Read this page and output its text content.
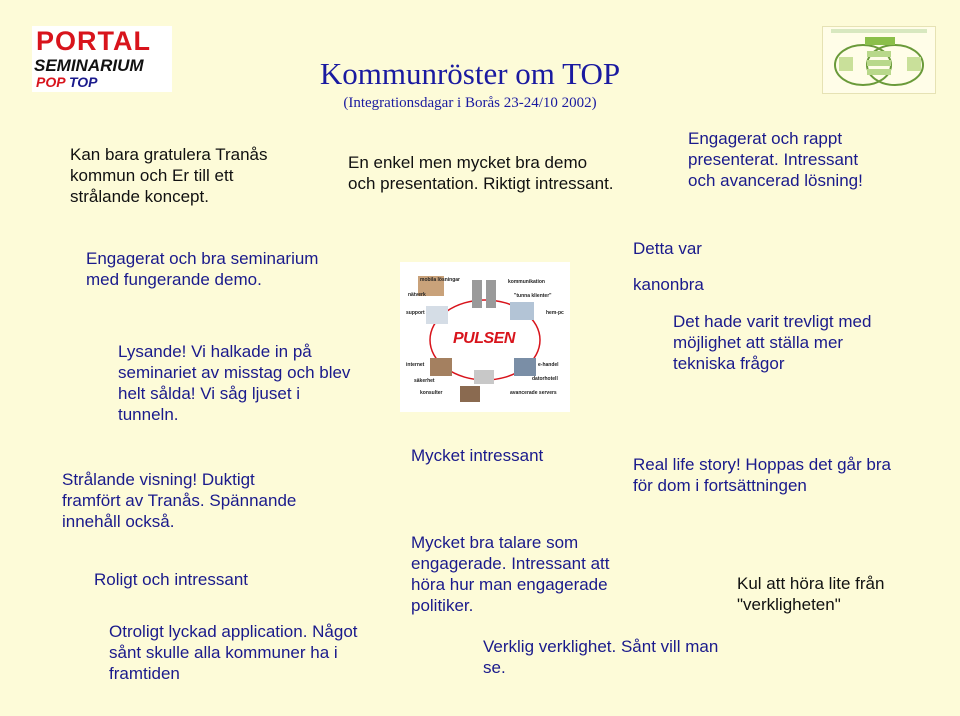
PORTAL
SEMINARIUM
POP TOP	Kommunröster om TOP
(Integrationsdagar i Borås 23-24/10 2002)
mobila lösningar	kommunikation
nätverk	"tunna klienter"
support	hem-pc
internet	e-handel
säkerhet	datorhotell
konsulter	avancerade servers
PULSEN
Kan bara gratulera Tranås
kommun och Er till ett
strålande koncept.
En enkel men mycket bra demo
och presentation. Riktigt intressant.
Engagerat och rappt
presenterat. Intressant
och avancerad lösning!
Engagerat och bra seminarium
med fungerande demo.
Detta var
kanonbra
Det hade varit trevligt med
möjlighet att ställa mer
tekniska frågor
Lysande! Vi halkade in på
seminariet av misstag och blev
helt sålda! Vi såg ljuset i
tunneln.
Strålande visning! Duktigt
framfört av Tranås. Spännande
innehåll också.
Mycket intressant	Real life story! Hoppas det går bra
för dom i fortsättningen
Mycket bra talare som
engagerade. Intressant att
höra hur man engagerade
politiker.
Kul att höra lite från
"verkligheten"
Roligt och intressant
Otroligt lyckad application. Något
sånt skulle alla kommuner ha i
framtiden
Verklig verklighet. Sånt vill man
se.
